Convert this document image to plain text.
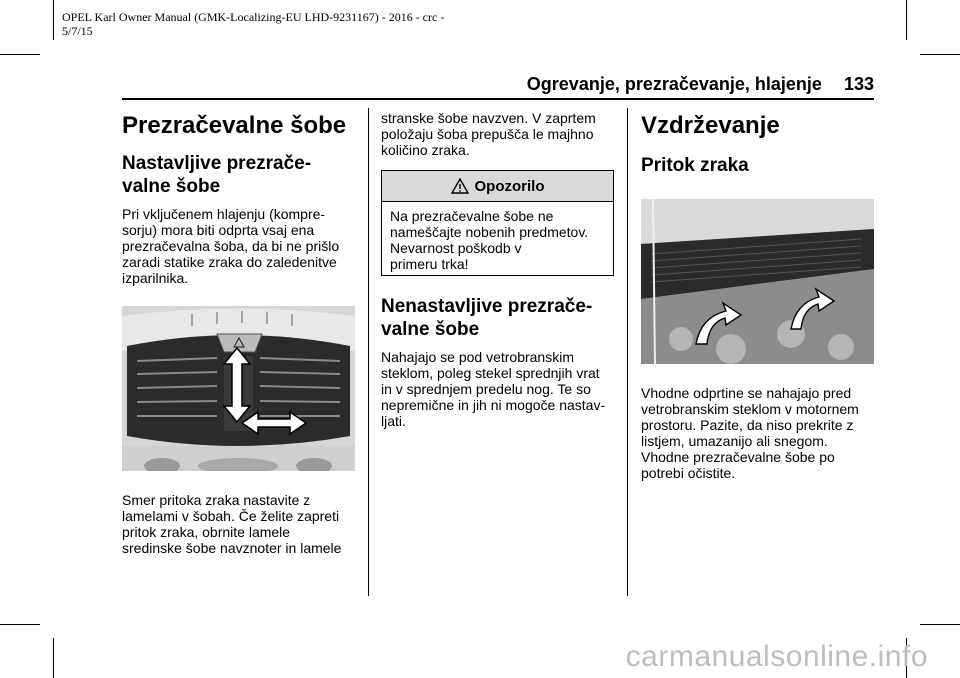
OPEL Karl Owner Manual (GMK-Localizing-EU LHD-9231167) - 2016 - crc -
5/7/15
Ogrevanje, prezračevanje, hlajenje 133
Prezračevalne šobe
Nastavljive prezrače-
valne šobe

Pri vključenem hlajenju (kompre-

sorju) mora biti odprta vsaj ena

prezračevalna šoba, da bi ne prišlo

zaradi statike zraka do zaledenitve

izparilnika.

Smer pritoka zraka nastavite z

lamelami v šobah. Če želite zapreti

pritok zraka, obrnite lamele

sredinske šobe navznoter in lamele

stranske šobe navzven. V zaprtem

položaju šoba prepušča le majhno

količino zraka.

Opozorilo
Na prezračevalne šobe ne
nameščajte nobenih predmetov.
Nevarnost poškodb v
primeru trka!
Nenastavljive prezrače-
valne šobe

Nahajajo se pod vetrobranskim

steklom, poleg stekel sprednjih vrat

in v sprednjem predelu nog. Te so

nepremične in jih ni mogoče nastav-

ljati.

Vzdrževanje
Pritok zraka

Vhodne odprtine se nahajajo pred

vetrobranskim steklom v motornem

prostoru. Pazite, da niso prekrite z

listjem, umazanijo ali snegom.

Vhodne prezračevalne šobe po

potrebi očistite.

carmanualsonline.info
